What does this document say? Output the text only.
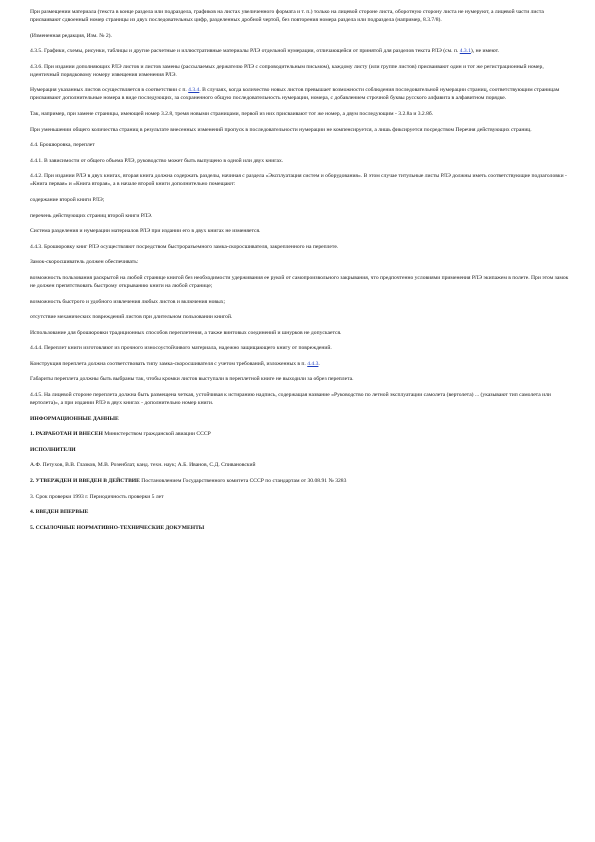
При размещении материала (текста в конце раздела или подраздела, графиков на листах увеличенного формата и т. п.) только на лицевой стороне листа, оборотную сторону листа не нумеруют, а лицевой части листа присваивают сдвоенный номер страницы из двух последовательных цифр, разделенных дробной чертой, без повторения номера раздела или подраздела (например, 8.3.7/8).

(Измененная редакция, Изм. № 2).

4.3.5. Графики, схемы, рисунки, таблицы и другие расчетные и иллюстративные материалы РЛЭ отдельной нумерации, отличающейся от принятой для разделов текста РЛЭ (см. п. 4.3.1), не имеют.

4.3.6. При издании дополняющих РЛЭ листов и листов замены (рассылаемых держателю РЛЭ с сопроводительным письмом), каждому листу (или группе листов) присваивают один и тот же регистрационный номер, идентичный порядковому номеру извещения изменения РЛЭ.

Нумерация указанных листов осуществляется в соответствии с п. 4.3.4. В случаях, когда количество новых листов превышает возможности соблюдения последовательной нумерации страниц, соответствующим страницам присваивают дополнительные номера в виде последующих, за сохраненного общую последовательность нумерации, номера, с добавлением строчной буквы русского алфавита в алфавитном порядке.

Так, например, при замене страницы, имеющей номер 3.2.8, тремя новыми страницами, первой из них присваивают тот же номер, а двум последующим - 3.2.8а и 3.2.8б.

При уменьшении общего количества страниц в результате внесенных изменений пропуск в последовательности нумерации не компенсируется, а лишь фиксируется посредством Перечня действующих страниц.

4.4. Брошюровка, переплет

4.4.1. В зависимости от общего объема РЛЭ, руководство может быть выпущено в одной или двух книгах.

4.4.2. При издании РЛЭ в двух книгах, вторая книга должна содержать разделы, начиная с раздела «Эксплуатация систем и оборудования». В этом случае титульные листы РЛЭ должны иметь соответствующие подзаголовки - «Книга первая» и «Книга вторая», а в начале второй книги дополнительно помещают:

содержание второй книги РЛЭ;

перечень действующих страниц второй книги РЛЭ.

Система разделения и нумерации материалов РЛЭ при издании его в двух книгах не изменяется.

4.4.3. Брошюровку книг РЛЭ осуществляют посредством быстроразъемного замка-скоросшивателя, закрепленного на переплете.

Замок-скоросшиватель должен обеспечивать:

возможность пользования раскрытой на любой странице книгой без необходимости удерживания ее рукой от самопроизвольного закрывания, что предпочтенно условиями применения РЛЭ экипажем в полете. При этом замок не должен препятствовать быстрому открыванию книги на любой странице;

возможность быстрого и удобного извлечения любых листов и включения новых;

отсутствие механических повреждений листов при длительном пользовании книгой.

Использование для брошюровки традиционных способов переплетения, а также винтовых соединений и шнурков не допускается.

4.4.4. Переплет книги изготовляют из прочного износоустойчивого материала, надежно защищающего книгу от повреждений.

Конструкция переплета должна соответствовать типу замка-скоросшивателя с учетом требований, изложенных в п. 4.4.3.

Габариты переплета должны быть выбраны так, чтобы кромки листов выступали в переплетной книге не выходили за обрез переплета.

4.4.5. На лицевой стороне переплета должна быть размещена четкая, устойчивая к истиранию надпись, содержащая название «Руководство по летной эксплуатации самолета (вертолета) ... (указывают тип самолета или вертолета)», а при издании РЛЭ в двух книгах - дополнительно номер книги.

ИНФОРМАЦИОННЫЕ ДАННЫЕ

1. РАЗРАБОТАН И ВНЕСЕН Министерством гражданской авиации СССР

ИСПОЛНИТЕЛИ

А.Ф. Петухов, В.В. Глазков, М.В. Розенблат, канд. техн. наук; А.Б. Иванов, С.Д. Спивановский

2. УТВЕРЖДЕН И ВВЕДЕН В ДЕЙСТВИЕ Постановлением Государственного комитета СССР по стандартам от 30.08.91 № 3283

3. Срок проверки 1993 г. Периодичность проверки 5 лет

4. ВВЕДЕН ВПЕРВЫЕ

5. ССЫЛОЧНЫЕ НОРМАТИВНО-ТЕХНИЧЕСКИЕ ДОКУМЕНТЫ
